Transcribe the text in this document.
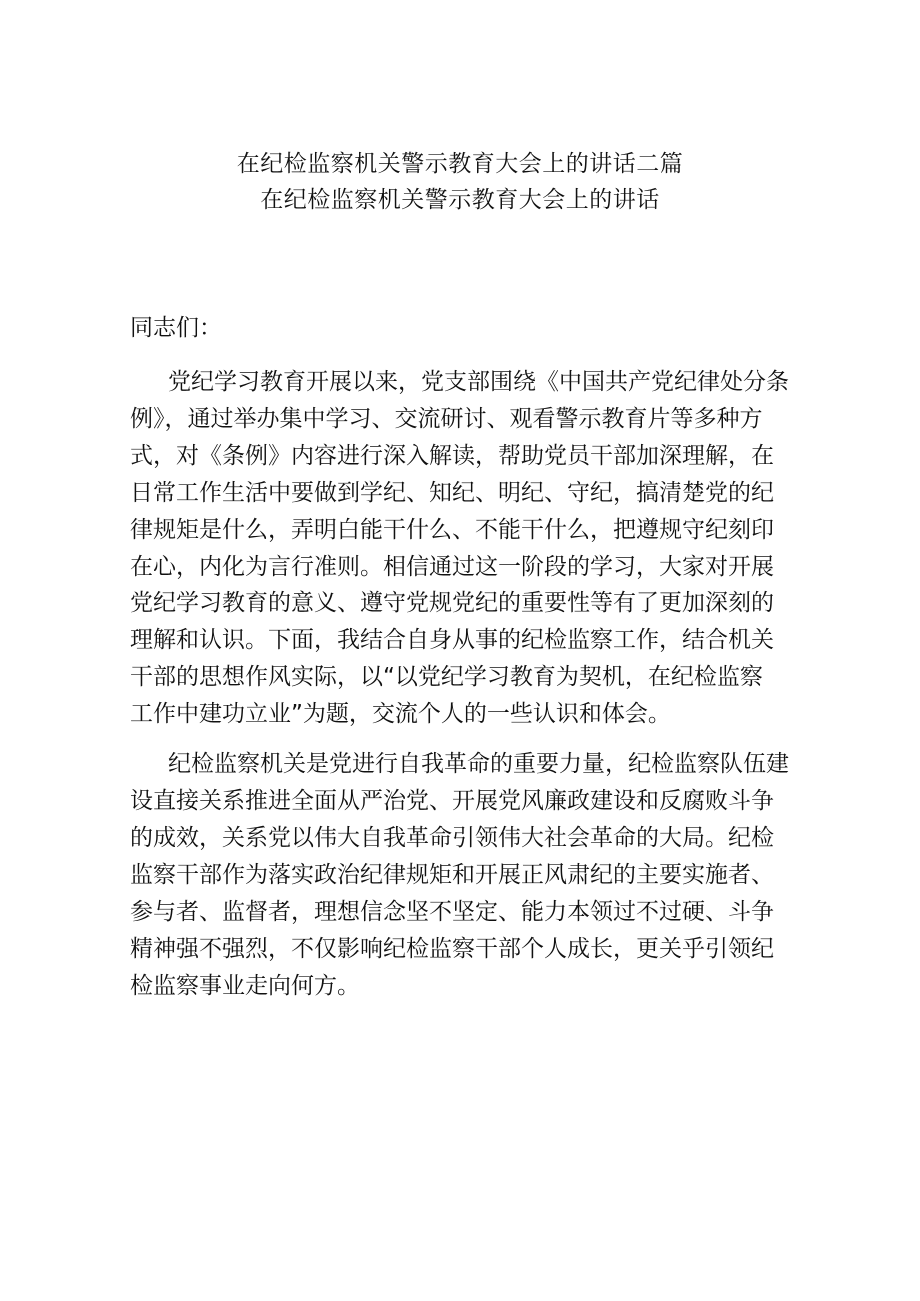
在纪检监察机关警示教育大会上的讲话二篇
在纪检监察机关警示教育大会上的讲话
同志们：
党纪学习教育开展以来，党支部围绕《中国共产党纪律处分条
例》，通过举办集中学习、交流研讨、观看警示教育片等多种方
式，对《条例》内容进行深入解读，帮助党员干部加深理解，在
日常工作生活中要做到学纪、知纪、明纪、守纪，搞清楚党的纪
律规矩是什么，弄明白能干什么、不能干什么，把遵规守纪刻印
在心，内化为言行准则。相信通过这一阶段的学习，大家对开展
党纪学习教育的意义、遵守党规党纪的重要性等有了更加深刻的
理解和认识。下面，我结合自身从事的纪检监察工作，结合机关
干部的思想作风实际，以“以党纪学习教育为契机，在纪检监察
工作中建功立业”为题，交流个人的一些认识和体会。
纪检监察机关是党进行自我革命的重要力量，纪检监察队伍建
设直接关系推进全面从严治党、开展党风廉政建设和反腐败斗争
的成效，关系党以伟大自我革命引领伟大社会革命的大局。纪检
监察干部作为落实政治纪律规矩和开展正风肃纪的主要实施者、
参与者、监督者，理想信念坚不坚定、能力本领过不过硬、斗争
精神强不强烈，不仅影响纪检监察干部个人成长，更关乎引领纪
检监察事业走向何方。
